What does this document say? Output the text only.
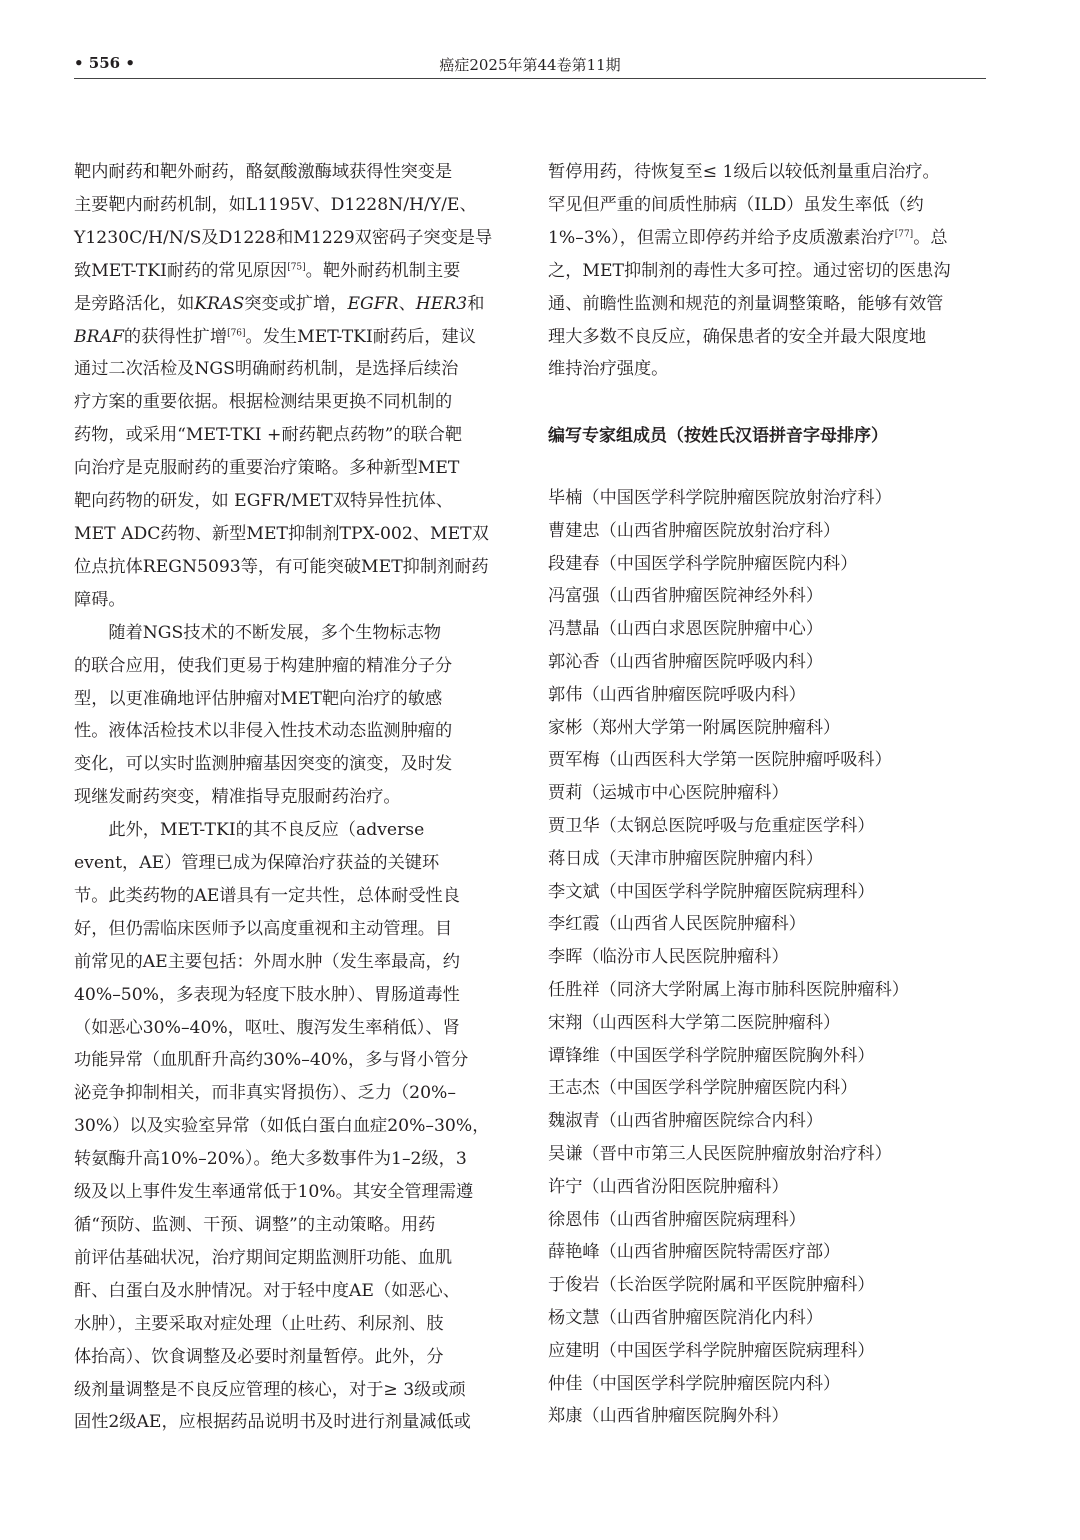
• 556 •	癌症2025年第44卷第11期

靶内耐药和靶外耐药，酪氨酸激酶域获得性突变是
主要靶内耐药机制，如L1195V、D1228N/H/Y/E、
Y1230C/H/N/S及D1228和M1229双密码子突变是导
致MET-TKI耐药的常见原因[75]。靶外耐药机制主要
是旁路活化，如KRAS突变或扩增，EGFR、HER3和
BRAF的获得性扩增[76]。发生MET-TKI耐药后，建议
通过二次活检及NGS明确耐药机制，是选择后续治
疗方案的重要依据。根据检测结果更换不同机制的
药物，或采用“MET-TKI +耐药靶点药物”的联合靶
向治疗是克服耐药的重要治疗策略。多种新型MET
靶向药物的研发，如 EGFR/MET双特异性抗体、
MET ADC药物、新型MET抑制剂TPX-002、MET双
位点抗体REGN5093等，有可能突破MET抑制剂耐药
障碍。

随着NGS技术的不断发展，多个生物标志物
的联合应用，使我们更易于构建肿瘤的精准分子分
型，以更准确地评估肿瘤对MET靶向治疗的敏感
性。液体活检技术以非侵入性技术动态监测肿瘤的
变化，可以实时监测肿瘤基因突变的演变，及时发
现继发耐药突变，精准指导克服耐药治疗。

此外，MET-TKI的其不良反应（adverse
event，AE）管理已成为保障治疗获益的关键环
节。此类药物的AE谱具有一定共性，总体耐受性良
好，但仍需临床医师予以高度重视和主动管理。目
前常见的AE主要包括：外周水肿（发生率最高，约
40%–50%，多表现为轻度下肢水肿）、胃肠道毒性
（如恶心30%–40%，呕吐、腹泻发生率稍低）、肾
功能异常（血肌酐升高约30%–40%，多与肾小管分
泌竞争抑制相关，而非真实肾损伤）、乏力（20%–
30%）以及实验室异常（如低白蛋白血症20%–30%，
转氨酶升高10%–20%）。绝大多数事件为1–2级，3
级及以上事件发生率通常低于10%。其安全管理需遵
循“预防、监测、干预、调整”的主动策略。用药
前评估基础状况，治疗期间定期监测肝功能、血肌
酐、白蛋白及水肿情况。对于轻中度AE（如恶心、
水肿），主要采取对症处理（止吐药、利尿剂、肢
体抬高）、饮食调整及必要时剂量暂停。此外，分
级剂量调整是不良反应管理的核心，对于≥ 3级或顽
固性2级AE，应根据药品说明书及时进行剂量减低或

暂停用药，待恢复至≤ 1级后以较低剂量重启治疗。
罕见但严重的间质性肺病（ILD）虽发生率低（约
1%–3%），但需立即停药并给予皮质激素治疗[77]。总
之，MET抑制剂的毒性大多可控。通过密切的医患沟
通、前瞻性监测和规范的剂量调整策略，能够有效管
理大多数不良反应，确保患者的安全并最大限度地
维持治疗强度。

编写专家组成员（按姓氏汉语拼音字母排序）
毕楠（中国医学科学院肿瘤医院放射治疗科）
曹建忠（山西省肿瘤医院放射治疗科）
段建春（中国医学科学院肿瘤医院内科）
冯富强（山西省肿瘤医院神经外科）
冯慧晶（山西白求恩医院肿瘤中心）
郭沁香（山西省肿瘤医院呼吸内科）
郭伟（山西省肿瘤医院呼吸内科）
家彬（郑州大学第一附属医院肿瘤科）
贾军梅（山西医科大学第一医院肿瘤呼吸科）
贾莉（运城市中心医院肿瘤科）
贾卫华（太钢总医院呼吸与危重症医学科）
蒋日成（天津市肿瘤医院肿瘤内科）
李文斌（中国医学科学院肿瘤医院病理科）
李红霞（山西省人民医院肿瘤科）
李晖（临汾市人民医院肿瘤科）
任胜祥（同济大学附属上海市肺科医院肿瘤科）
宋翔（山西医科大学第二医院肿瘤科）
谭锋维（中国医学科学院肿瘤医院胸外科）
王志杰（中国医学科学院肿瘤医院内科）
魏淑青（山西省肿瘤医院综合内科）
吴谦（晋中市第三人民医院肿瘤放射治疗科）
许宁（山西省汾阳医院肿瘤科）
徐恩伟（山西省肿瘤医院病理科）
薛艳峰（山西省肿瘤医院特需医疗部）
于俊岩（长治医学院附属和平医院肿瘤科）
杨文慧（山西省肿瘤医院消化内科）
应建明（中国医学科学院肿瘤医院病理科）
仲佳（中国医学科学院肿瘤医院内科）
郑康（山西省肿瘤医院胸外科）
